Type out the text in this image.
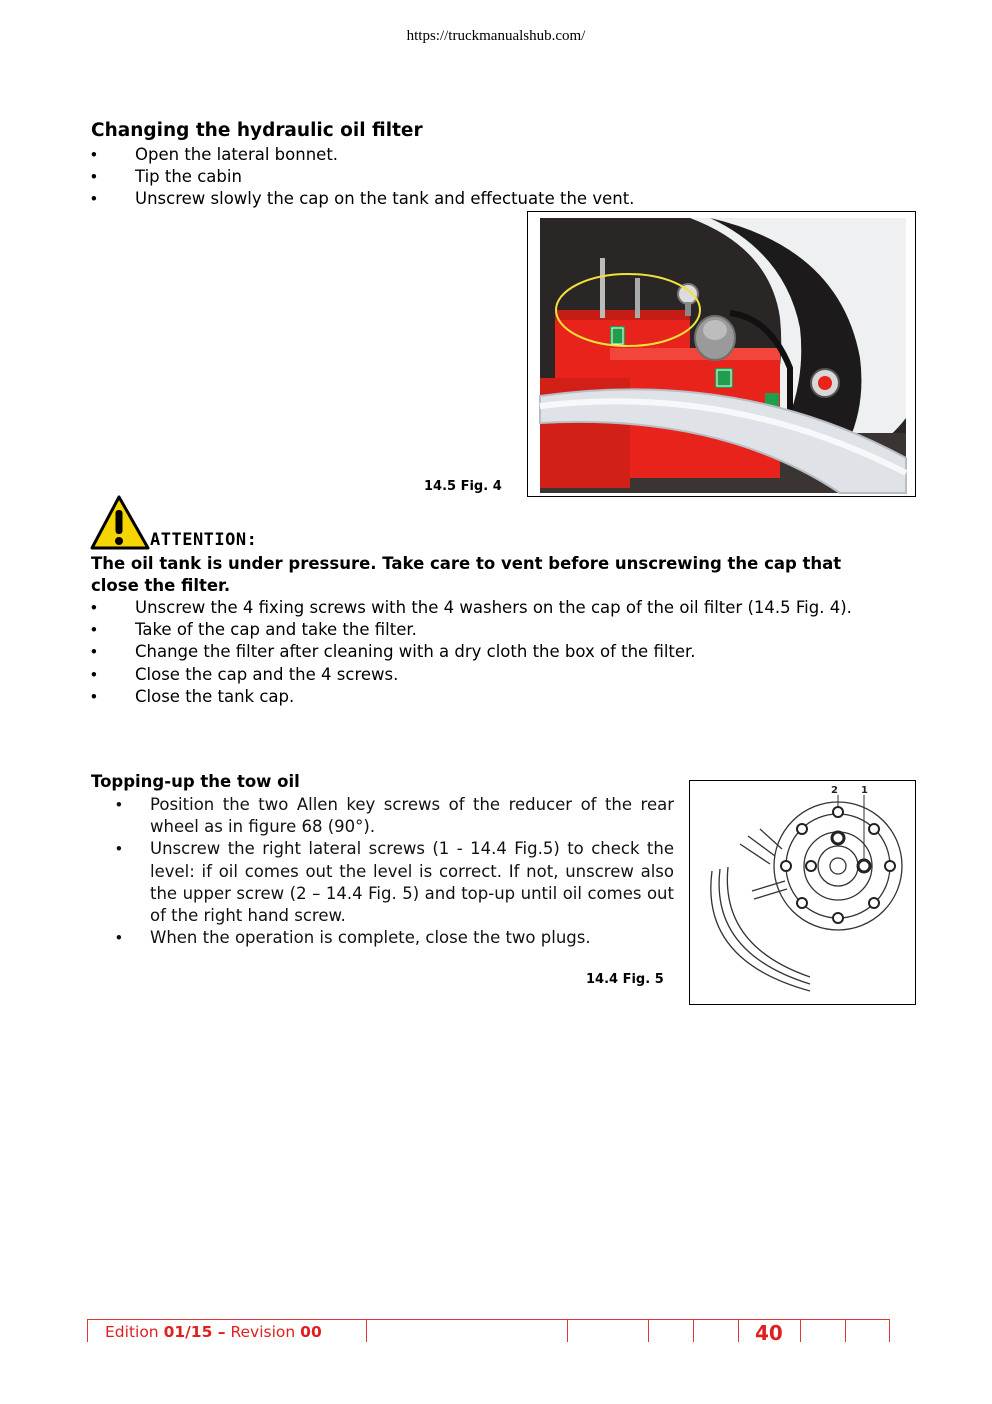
https://truckmanualshub.com/
Changing the hydraulic oil filter
• Open the lateral bonnet.
• Tip the cabin
• Unscrew slowly the cap on the tank and effectuate the vent.
14.5 Fig. 4
ATTENTION:
The oil tank is under pressure. Take care to vent before unscrewing the cap that close the filter.
• Unscrew the 4 fixing screws with the 4 washers on the cap of the oil filter (14.5 Fig. 4).
• Take of the cap and take the filter.
• Change the filter after cleaning with a dry cloth the box of the filter.
• Close the cap and the 4 screws.
• Close the tank cap.
Topping-up the tow oil
• Position the two Allen key screws of the reducer of the rear wheel as in figure 68 (90°).
• Unscrew the right lateral screws (1 - 14.4 Fig.5) to check the level: if oil comes out the level is correct. If not, unscrew also the upper screw (2 – 14.4 Fig. 5) and top-up until oil comes out of the right hand screw.
• When the operation is complete, close the two plugs.
14.4 Fig. 5
2 1
Edition 01/15 – Revision 00	40
